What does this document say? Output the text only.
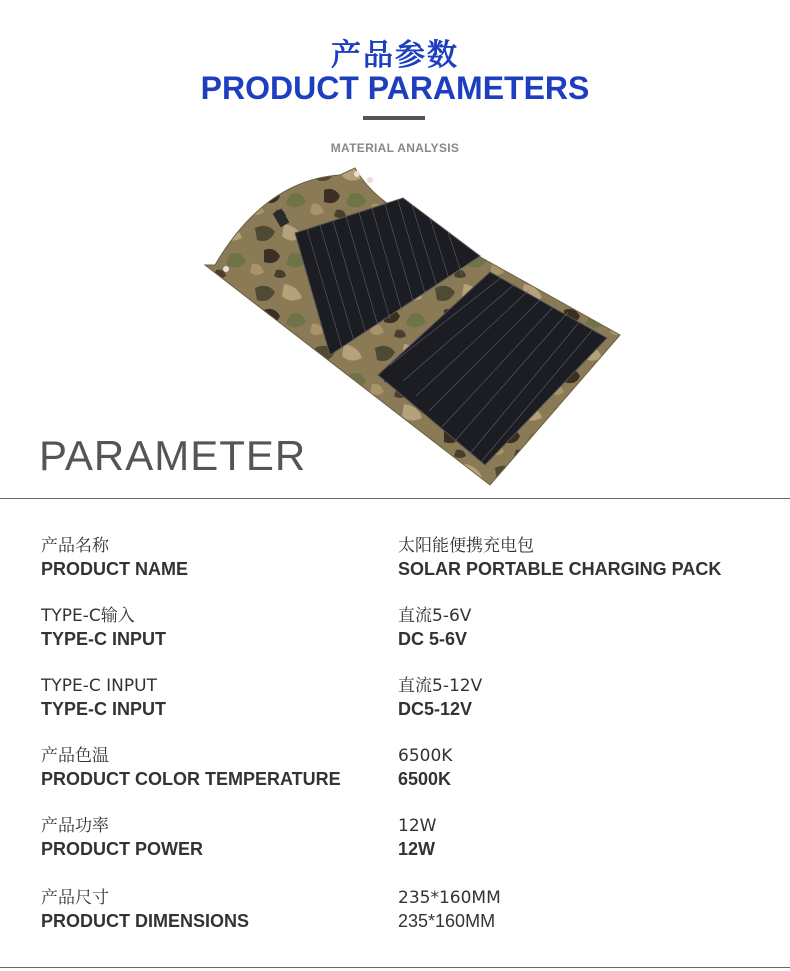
产品参数
PRODUCT PARAMETERS
MATERIAL ANALYSIS
PARAMETER
产品名称
PRODUCT NAME
太阳能便携充电包
SOLAR PORTABLE CHARGING PACK
TYPE-C输入
TYPE-C INPUT
直流5-6V
DC 5-6V
TYPE-C INPUT
TYPE-C INPUT
直流5-12V
DC5-12V
产品色温
PRODUCT COLOR TEMPERATURE
6500K
6500K
产品功率
PRODUCT POWER
12W
12W
产品尺寸
PRODUCT DIMENSIONS
235*160MM
235*160MM
